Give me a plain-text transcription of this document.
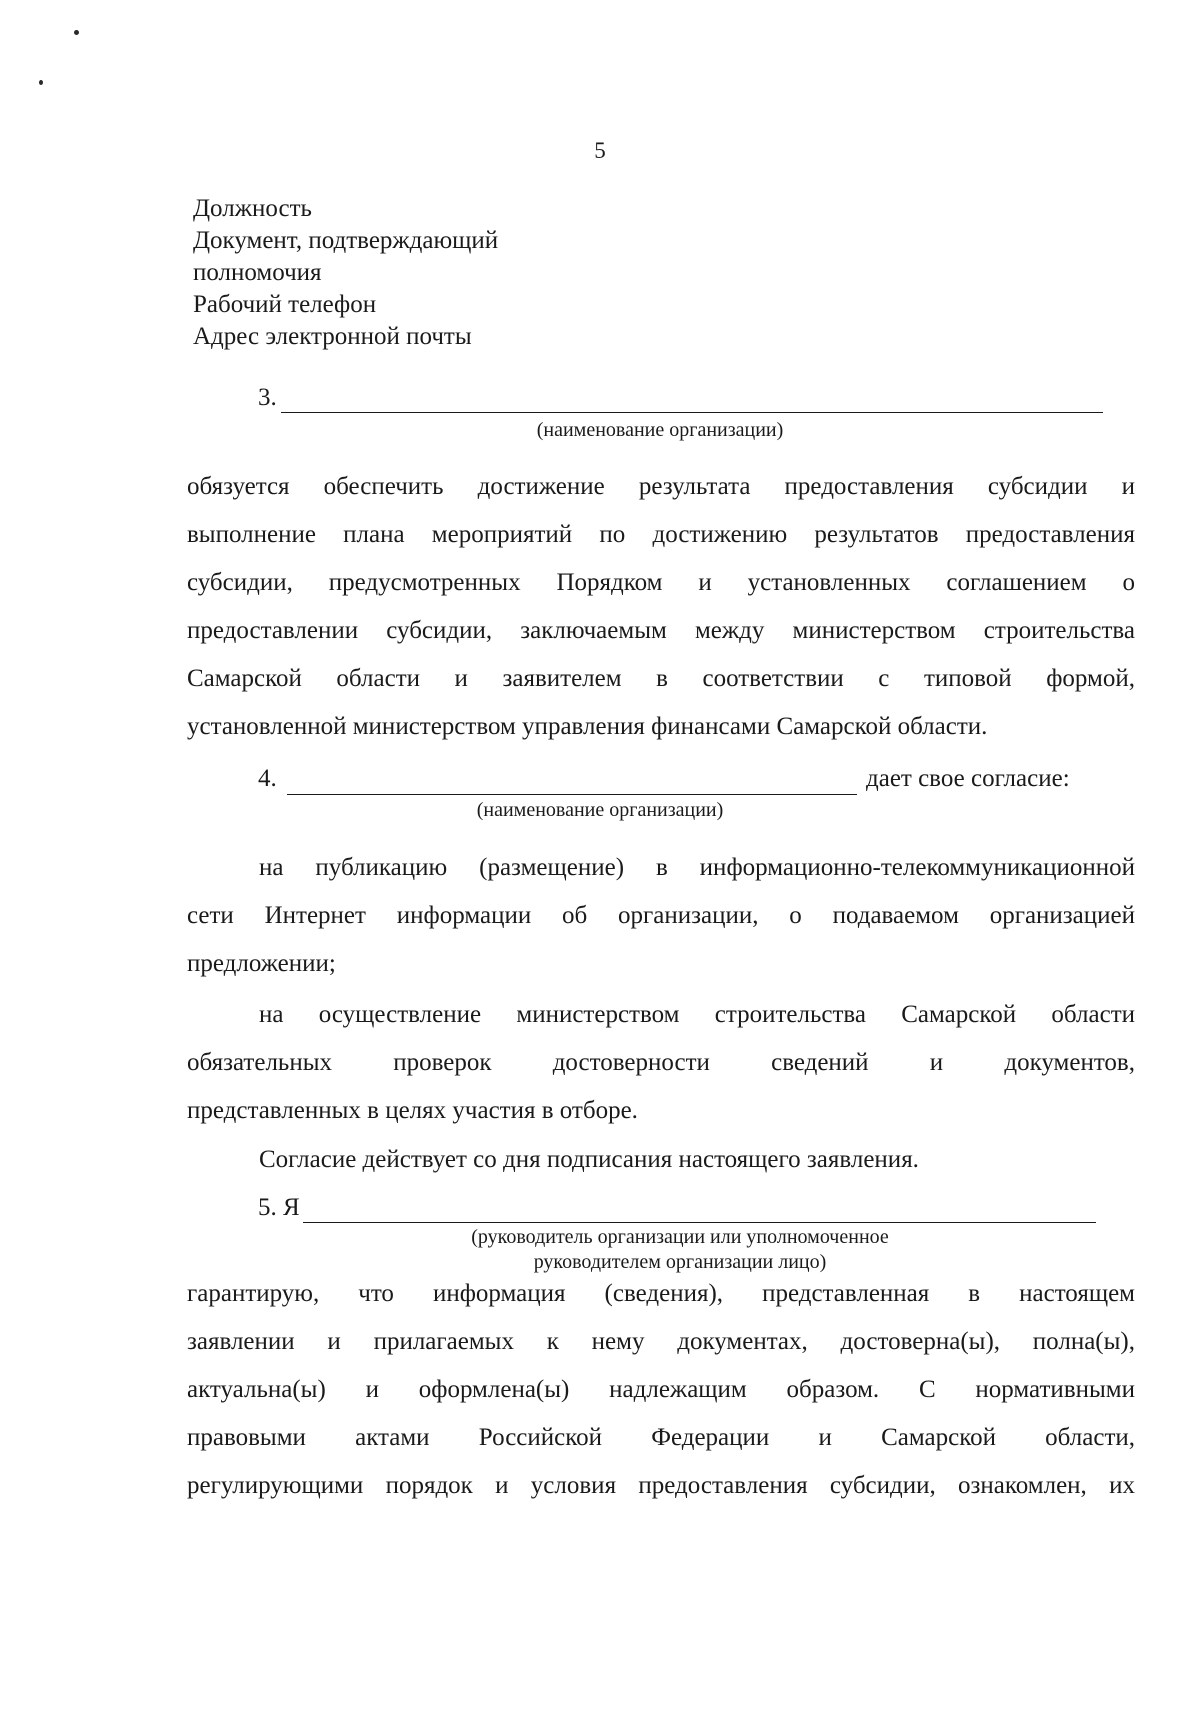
5
Должность
Документ, подтверждающий
полномочия
Рабочий телефон
Адрес электронной почты
3.
(наименование организации)
обязуется обеспечить достижение результата предоставления субсидии и
выполнение плана мероприятий по достижению результатов предоставления
субсидии, предусмотренных Порядком и установленных соглашением о
предоставлении субсидии, заключаемым между министерством строительства
Самарской области и заявителем в соответствии с типовой формой,
установленной министерством управления финансами Самарской области.
4.	дает свое согласие:
(наименование организации)
на публикацию (размещение) в информационно-телекоммуникационной
сети Интернет информации об организации, о подаваемом организацией
предложении;
на осуществление министерством строительства Самарской области
обязательных проверок достоверности сведений и документов,
представленных в целях участия в отборе.
Согласие действует со дня подписания настоящего заявления.
5. Я
(руководитель организации или уполномоченное
руководителем организации лицо)
гарантирую, что информация (сведения), представленная в настоящем
заявлении и прилагаемых к нему документах, достоверна(ы), полна(ы),
актуальна(ы) и оформлена(ы) надлежащим образом. С нормативными
правовыми актами Российской Федерации и Самарской области,
регулирующими порядок и условия предоставления субсидии, ознакомлен, их
